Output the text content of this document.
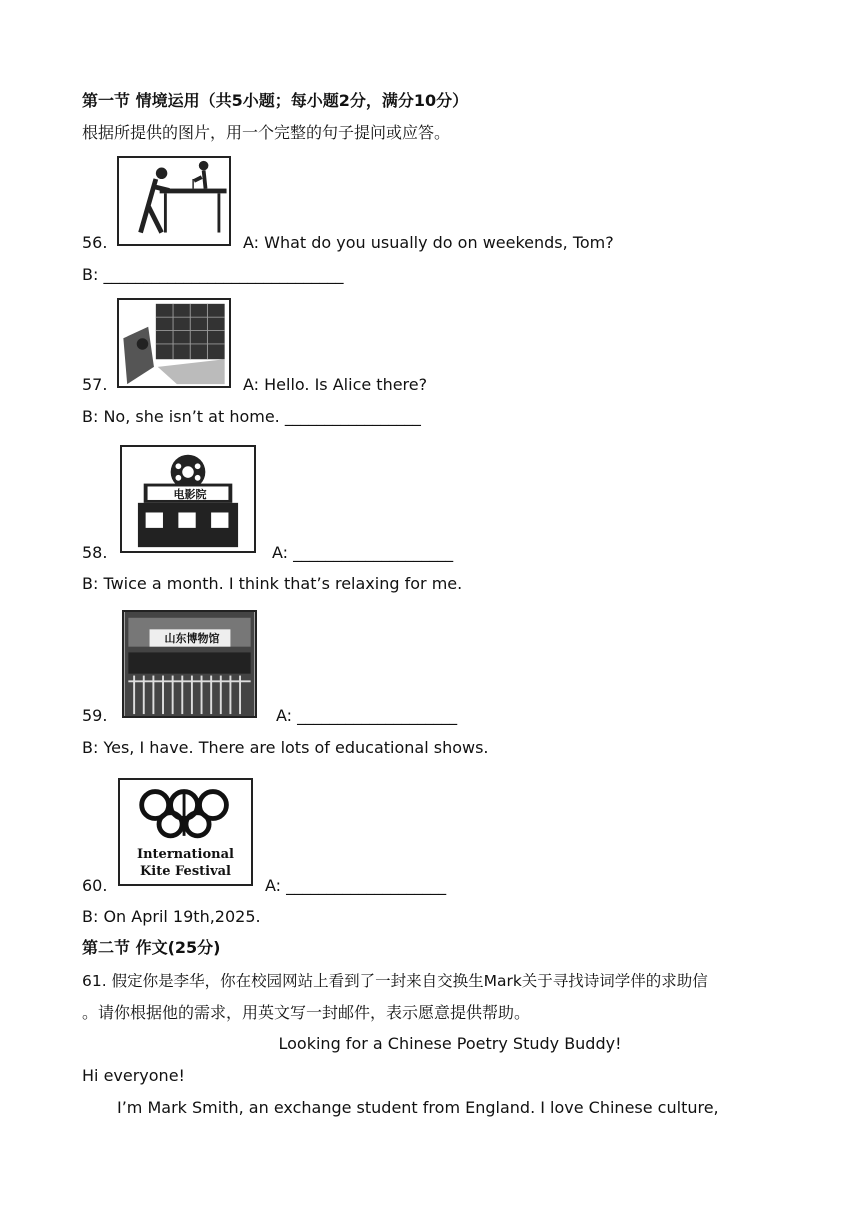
第一节 情境运用（共5小题；每小题2分，满分10分）
根据所提供的图片，用一个完整的句子提问或应答。
56.	A: What do you usually do on weekends, Tom?
B: ______________________________
57.	A: Hello. Is Alice there?
B: No, she isn’t at home. _________________
电影院
58.	A: ____________________
B: Twice a month. I think that’s relaxing for me.
山东博物馆
59.	A: ____________________
B: Yes, I have. There are lots of educational shows.
International
Kite Festival
60.	A: ____________________
B: On April 19th,2025.
第二节 作文(25分)
61. 假定你是李华，你在校园网站上看到了一封来自交换生Mark关于寻找诗词学伴的求助信
。请你根据他的需求，用英文写一封邮件，表示愿意提供帮助。
Looking for a Chinese Poetry Study Buddy!
Hi everyone!
I’m Mark Smith, an exchange student from England. I love Chinese culture,
